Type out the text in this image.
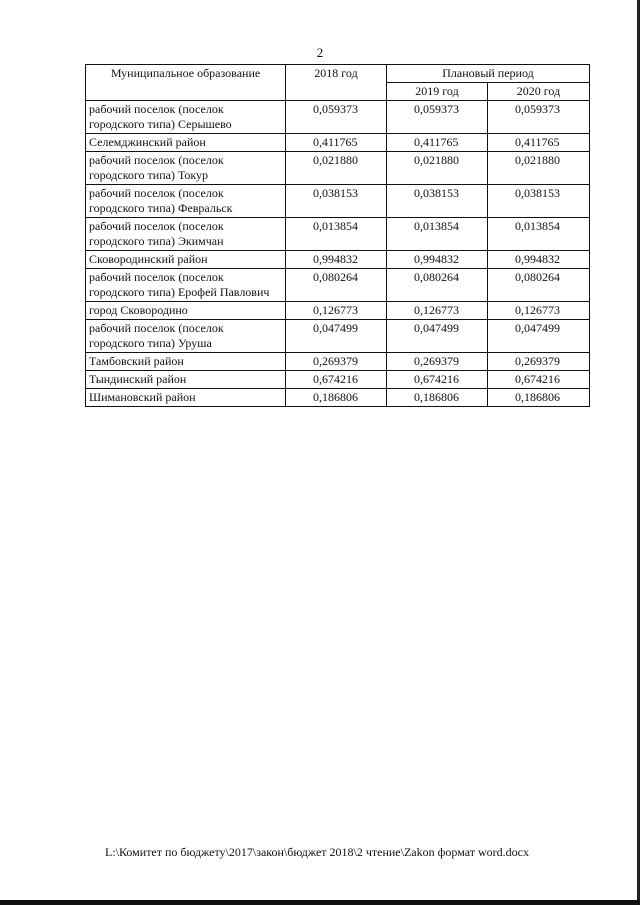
2
Муниципальное образование	2018 год	Плановый период	
		2019 год	2020 год
рабочий поселок (поселок городского типа) Серышево	0,059373	0,059373	0,059373
Селемджинский район	0,411765	0,411765	0,411765
рабочий поселок (поселок городского типа) Токур	0,021880	0,021880	0,021880
рабочий поселок (поселок городского типа) Февральск	0,038153	0,038153	0,038153
рабочий поселок (поселок городского типа) Экимчан	0,013854	0,013854	0,013854
Сковородинский район	0,994832	0,994832	0,994832
рабочий поселок (поселок городского типа) Ерофей Павлович	0,080264	0,080264	0,080264
город Сковородино	0,126773	0,126773	0,126773
рабочий поселок (поселок городского типа) Уруша	0,047499	0,047499	0,047499
Тамбовский район	0,269379	0,269379	0,269379
Тындинский район	0,674216	0,674216	0,674216
Шимановский район	0,186806	0,186806	0,186806
L:\Комитет по бюджету\2017\закон\бюджет 2018\2 чтение\Zakon формат word.docx
